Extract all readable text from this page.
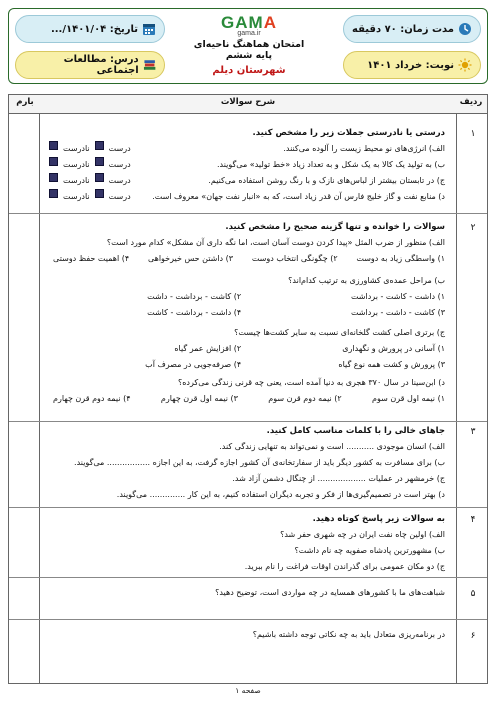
مدت زمان: ۷۰ دقیقه
تاریخ: ۱۴۰۱/۰۴/...
نوبت: خرداد ۱۴۰۱
درس: مطالعات اجتماعی
GAMA
gama.ir
امتحان هماهنگ ناحیه‌ای پایه ششم
شهرستان دیلم
ردیف
شرح سوالات
بارم
۱
درستی یا نادرستی جملات زیر را مشخص کنید.
الف) انرژی‌های نو محیط زیست را آلوده می‌کنند.
نادرست درست
ب) به تولید یک کالا به یک شکل و به تعداد زیاد «خط تولید» می‌گویند.
نادرست درست
ج) در تابستان بیشتر از لباس‌های نازک و با رنگ روشن استفاده می‌کنیم.
نادرست درست
د) منابع نفت و گاز خلیج فارس آن قدر زیاد است، که به «انبار نفت جهان» معروف است.
نادرست درست
۲
سوالات را خوانده و تنها گزینه صحیح را مشخص کنید.
الف) منظور از ضرب المثل «پیدا کردن دوست آسان است، اما نگه داری آن مشکل» کدام مورد است؟
۱) واسطگی زیاد به دوست
۲) چگونگی انتخاب دوست
۳) داشتن حس خیرخواهی
۴) اهمیت حفظ دوستی
ب) مراحل عمده‌ی کشاورزی به ترتیب کدام‌اند؟
۱) داشت - کاشت - برداشت
۲) کاشت - برداشت - داشت
۳) کاشت - داشت - برداشت
۴) داشت - برداشت - کاشت
ج) برتری اصلی کشت گلخانه‌ای نسبت به سایر کشت‌ها چیست؟
۱) آسانی در پرورش و نگهداری
۲) افزایش عمر گیاه
۳) پرورش و کشت همه نوع گیاه
۴) صرفه‌جویی در مصرف آب
د) ابن‌سینا در سال ۳۷۰ هجری به دنیا آمده است، یعنی چه قرنی زندگی می‌کرده؟
۱) نیمه اول قرن سوم
۲) نیمه دوم قرن سوم
۳) نیمه اول قرن چهارم
۴) نیمه دوم قرن چهارم
۳
جاهای خالی را با کلمات مناسب کامل کنید.
الف) انسان موجودی ........... است و نمی‌تواند به تنهایی زندگی کند.
ب) برای مسافرت به کشور دیگر باید از سفارتخانه‌ی آن کشور اجازه گرفت، به این اجازه ................. می‌گویند.
ج) خرمشهر در عملیات ................... از چنگال دشمن آزاد شد.
د) بهتر است در تصمیم‌گیری‌ها از فکر و تجربه دیگران استفاده کنیم، به این کار .............. می‌گویند.
۴
به سوالات زیر پاسخ کوتاه دهید.
الف) اولین چاه نفت ایران در چه شهری حفر شد؟
ب) مشهورترین پادشاه صفویه چه نام داشت؟
ج) دو مکان عمومی برای گذراندن اوقات فراغت را نام ببرید.
۵
شباهت‌های ما با کشورهای همسایه در چه مواردی است، توضیح دهید؟
۶
در برنامه‌ریزی متعادل باید به چه نکاتی توجه داشته باشیم؟
صفحه ۱
